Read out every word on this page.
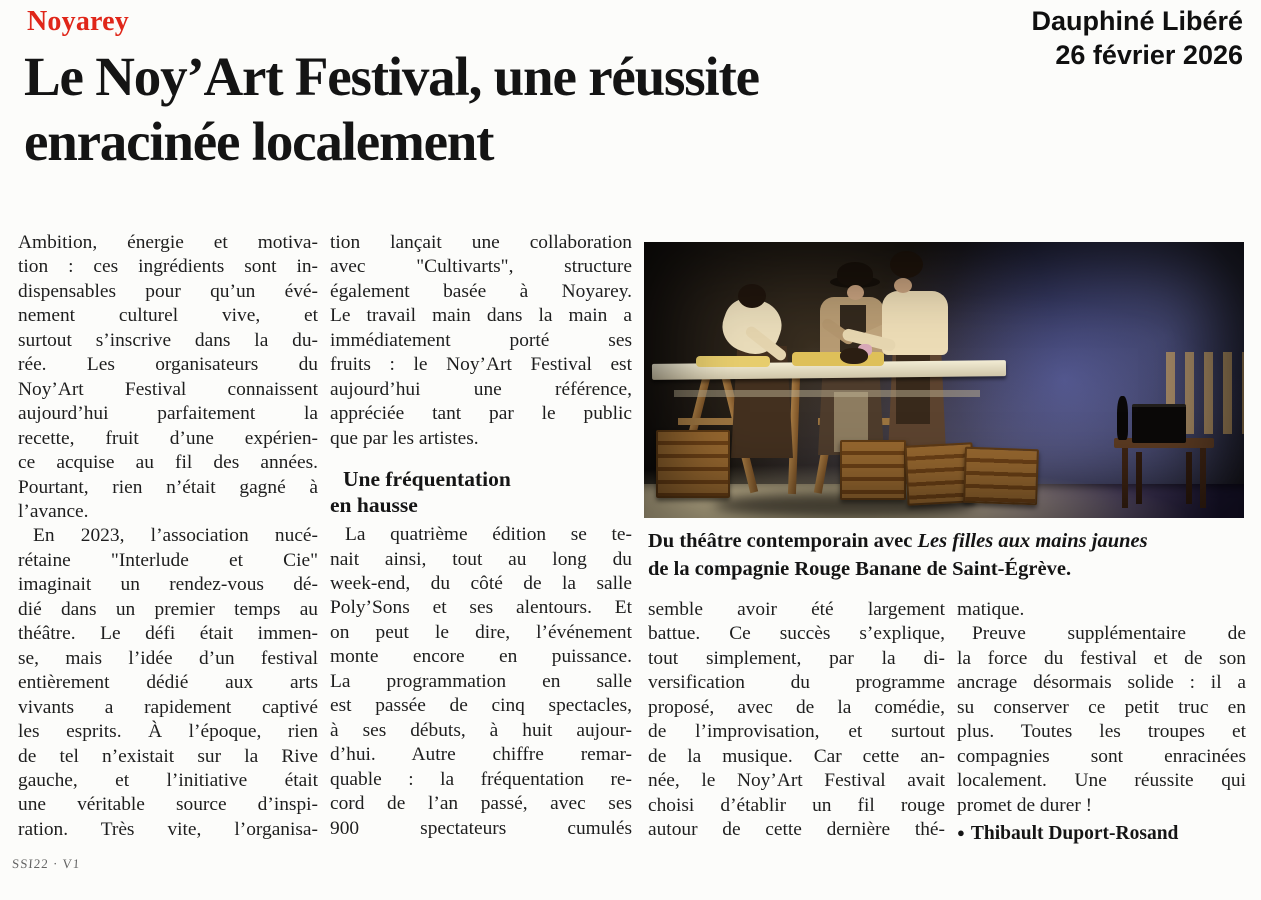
Noyarey
Le Noy’Art Festival, une réussite
enracinée localement
Dauphiné Libéré
26 février 2026
Ambition, énergie et motiva-
tion : ces ingrédients sont in-
dispensables pour qu’un évé-
nement culturel vive, et
surtout s’inscrive dans la du-
rée. Les organisateurs du
Noy’Art Festival connaissent
aujourd’hui parfaitement la
recette, fruit d’une expérien-
ce acquise au fil des années.
Pourtant, rien n’était gagné à
l’avance.
En 2023, l’association nucé-
rétaine "Interlude et Cie"
imaginait un rendez-vous dé-
dié dans un premier temps au
théâtre. Le défi était immen-
se, mais l’idée d’un festival
entièrement dédié aux arts
vivants a rapidement captivé
les esprits. À l’époque, rien
de tel n’existait sur la Rive
gauche, et l’initiative était
une véritable source d’inspi-
ration. Très vite, l’organisa-
tion lançait une collaboration
avec "Cultivarts", structure
également basée à Noyarey.
Le travail main dans la main a
immédiatement porté ses
fruits : le Noy’Art Festival est
aujourd’hui une référence,
appréciée tant par le public
que par les artistes.
Une fréquentation
en hausse
La quatrième édition se te-
nait ainsi, tout au long du
week-end, du côté de la salle
Poly’Sons et ses alentours. Et
on peut le dire, l’événement
monte encore en puissance.
La programmation en salle
est passée de cinq spectacles,
à ses débuts, à huit aujour-
d’hui. Autre chiffre remar-
quable : la fréquentation re-
cord de l’an passé, avec ses
900 spectateurs cumulés
semble avoir été largement
battue. Ce succès s’explique,
tout simplement, par la di-
versification du programme
proposé, avec de la comédie,
de l’improvisation, et surtout
de la musique. Car cette an-
née, le Noy’Art Festival avait
choisi d’établir un fil rouge
autour de cette dernière thé-
matique.
Preuve supplémentaire de
la force du festival et de son
ancrage désormais solide : il a
su conserver ce petit truc en
plus. Toutes les troupes et
compagnies sont enracinées
localement. Une réussite qui
promet de durer !
● Thibault Duport-Rosand
Du théâtre contemporain avec Les filles aux mains jaunes
de la compagnie Rouge Banane de Saint-Égrève.
SSI22 · V1
